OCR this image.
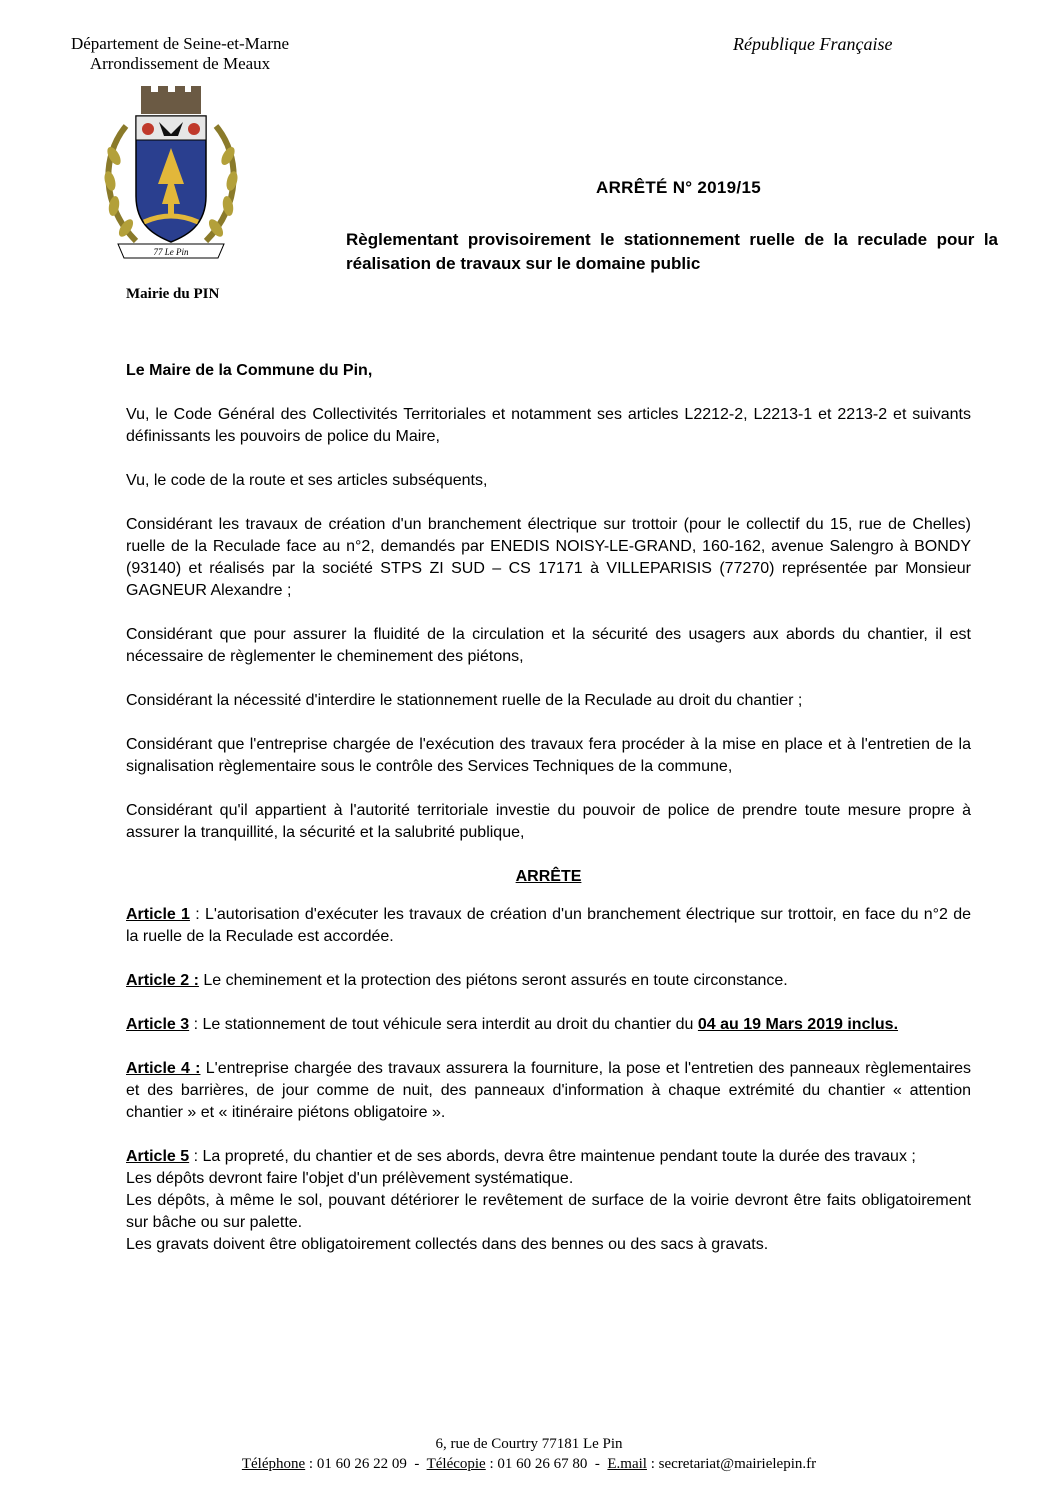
Département de Seine-et-Marne
Arrondissement de Meaux
République Française
77 Le Pin
Mairie du PIN
ARRÊTÉ N° 2019/15
Règlementant provisoirement le stationnement ruelle de la reculade pour la réalisation de travaux sur le domaine public

Le Maire de la Commune du Pin,

Vu, le Code Général des Collectivités Territoriales et notamment ses articles L2212-2, L2213-1 et 2213-2 et suivants définissants les pouvoirs de police du Maire,

Vu, le code de la route et ses articles subséquents,

Considérant les travaux de création d'un branchement électrique sur trottoir (pour le collectif du 15, rue de Chelles) ruelle de la Reculade face au n°2, demandés par ENEDIS NOISY-LE-GRAND, 160-162, avenue Salengro à BONDY (93140) et réalisés par la société STPS ZI SUD – CS 17171 à VILLEPARISIS (77270) représentée par Monsieur GAGNEUR Alexandre ;

Considérant que pour assurer la fluidité de la circulation et la sécurité des usagers aux abords du chantier, il est nécessaire de règlementer le cheminement des piétons,

Considérant la nécessité d'interdire le stationnement ruelle de la Reculade au droit du chantier ;

Considérant que l'entreprise chargée de l'exécution des travaux fera procéder à la mise en place et à l'entretien de la signalisation règlementaire sous le contrôle des Services Techniques de la commune,

Considérant qu'il appartient à l'autorité territoriale investie du pouvoir de police de prendre toute mesure propre à assurer la tranquillité, la sécurité et la salubrité publique,

ARRÊTE

Article 1 : L'autorisation d'exécuter les travaux de création d'un branchement électrique sur trottoir, en face du n°2 de la ruelle de la Reculade est accordée.

Article 2 : Le cheminement et la protection des piétons seront assurés en toute circonstance.

Article 3 : Le stationnement de tout véhicule sera interdit au droit du chantier du 04 au 19 Mars 2019 inclus.

Article 4 : L'entreprise chargée des travaux assurera la fourniture, la pose et l'entretien des panneaux règlementaires et des barrières, de jour comme de nuit, des panneaux d'information à chaque extrémité du chantier « attention chantier » et « itinéraire piétons obligatoire ».

Article 5 : La propreté, du chantier et de ses abords, devra être maintenue pendant toute la durée des travaux ;

Les dépôts devront faire l'objet d'un prélèvement systématique.

Les dépôts, à même le sol, pouvant détériorer le revêtement de surface de la voirie devront être faits obligatoirement sur bâche ou sur palette.

Les gravats doivent être obligatoirement collectés dans des bennes ou des sacs à gravats.

6, rue de Courtry 77181 Le Pin
Téléphone : 01 60 26 22 09  -  Télécopie : 01 60 26 67 80  -  E.mail : secretariat@mairielepin.fr
